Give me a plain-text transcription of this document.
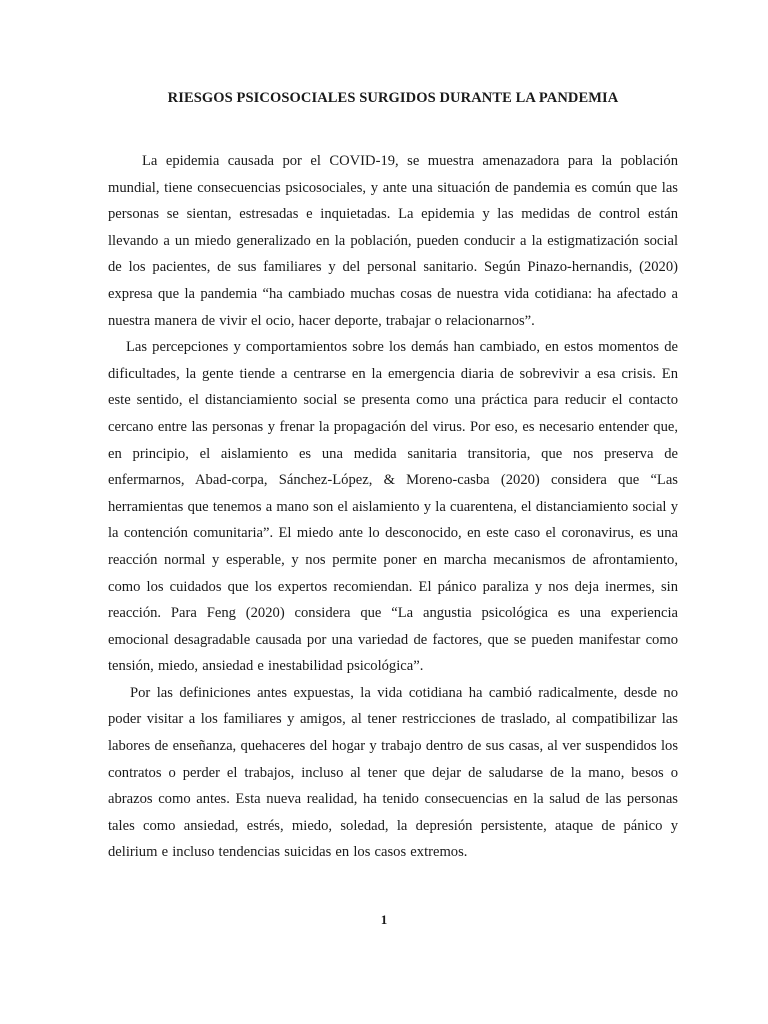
RIESGOS PSICOSOCIALES SURGIDOS DURANTE LA PANDEMIA

La epidemia causada por el COVID-19, se muestra amenazadora para la población mundial, tiene consecuencias psicosociales, y ante una situación de pandemia es común que las personas se sientan, estresadas e inquietadas. La epidemia y las medidas de control están llevando a un miedo generalizado en la población, pueden conducir a la estigmatización social de los pacientes, de sus familiares y del personal sanitario. Según Pinazo-hernandis, (2020) expresa que la pandemia “ha cambiado muchas cosas de nuestra vida cotidiana: ha afectado a nuestra manera de vivir el ocio, hacer deporte, trabajar o relacionarnos”.

Las percepciones y comportamientos sobre los demás han cambiado, en estos momentos de dificultades, la gente tiende a centrarse en la emergencia diaria de sobrevivir a esa crisis. En este sentido, el distanciamiento social se presenta como una práctica para reducir el contacto cercano entre las personas y frenar la propagación del virus. Por eso, es necesario entender que, en principio, el aislamiento es una medida sanitaria transitoria, que nos preserva de enfermarnos, Abad-corpa, Sánchez-López, & Moreno-casba (2020) considera que “Las herramientas que tenemos a mano son el aislamiento y la cuarentena, el distanciamiento social y la contención comunitaria”. El miedo ante lo desconocido, en este caso el coronavirus, es una reacción normal y esperable, y nos permite poner en marcha mecanismos de afrontamiento, como los cuidados que los expertos recomiendan. El pánico paraliza y nos deja inermes, sin reacción. Para Feng (2020) considera que “La angustia psicológica es una experiencia emocional desagradable causada por una variedad de factores, que se pueden manifestar como tensión, miedo, ansiedad e inestabilidad psicológica”.

Por las definiciones antes expuestas, la vida cotidiana ha cambió radicalmente, desde no poder visitar a los familiares y amigos, al tener restricciones de traslado, al compatibilizar las labores de enseñanza, quehaceres del hogar y trabajo dentro de sus casas, al ver suspendidos los contratos o perder el trabajos, incluso al tener que dejar de saludarse de la mano, besos o abrazos como antes. Esta nueva realidad, ha tenido consecuencias en la salud de las personas tales como ansiedad, estrés, miedo, soledad, la depresión persistente, ataque de pánico y delirium e incluso tendencias suicidas en los casos extremos.

1
